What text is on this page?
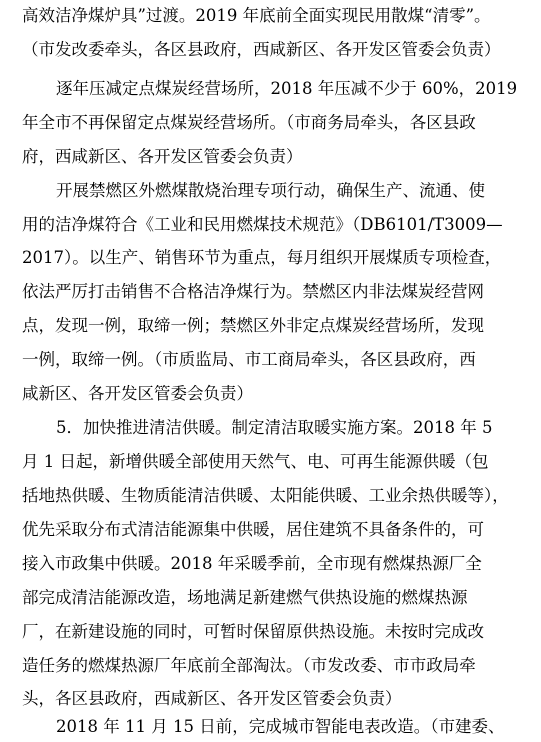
高效洁净煤炉具”过渡。2019 年底前全面实现民用散煤“清零”。
（市发改委牵头，各区县政府，西咸新区、各开发区管委会负责）
逐年压减定点煤炭经营场所，2018 年压减不少于 60%，2019
年全市不再保留定点煤炭经营场所。（市商务局牵头，各区县政
府，西咸新区、各开发区管委会负责）
开展禁燃区外燃煤散烧治理专项行动，确保生产、流通、使
用的洁净煤符合《工业和民用燃煤技术规范》（DB6101/T3009—
2017）。以生产、销售环节为重点，每月组织开展煤质专项检查，
依法严厉打击销售不合格洁净煤行为。禁燃区内非法煤炭经营网
点，发现一例，取缔一例；禁燃区外非定点煤炭经营场所，发现
一例，取缔一例。（市质监局、市工商局牵头，各区县政府，西
咸新区、各开发区管委会负责）
5．加快推进清洁供暖。制定清洁取暖实施方案。2018 年 5
月 1 日起，新增供暖全部使用天然气、电、可再生能源供暖（包
括地热供暖、生物质能清洁供暖、太阳能供暖、工业余热供暖等），
优先采取分布式清洁能源集中供暖，居住建筑不具备条件的，可
接入市政集中供暖。2018 年采暖季前，全市现有燃煤热源厂全
部完成清洁能源改造，场地满足新建燃气供热设施的燃煤热源
厂，在新建设施的同时，可暂时保留原供热设施。未按时完成改
造任务的燃煤热源厂年底前全部淘汰。（市发改委、市市政局牵
头，各区县政府，西咸新区、各开发区管委会负责）
2018 年 11 月 15 日前，完成城市智能电表改造。（市建委、
